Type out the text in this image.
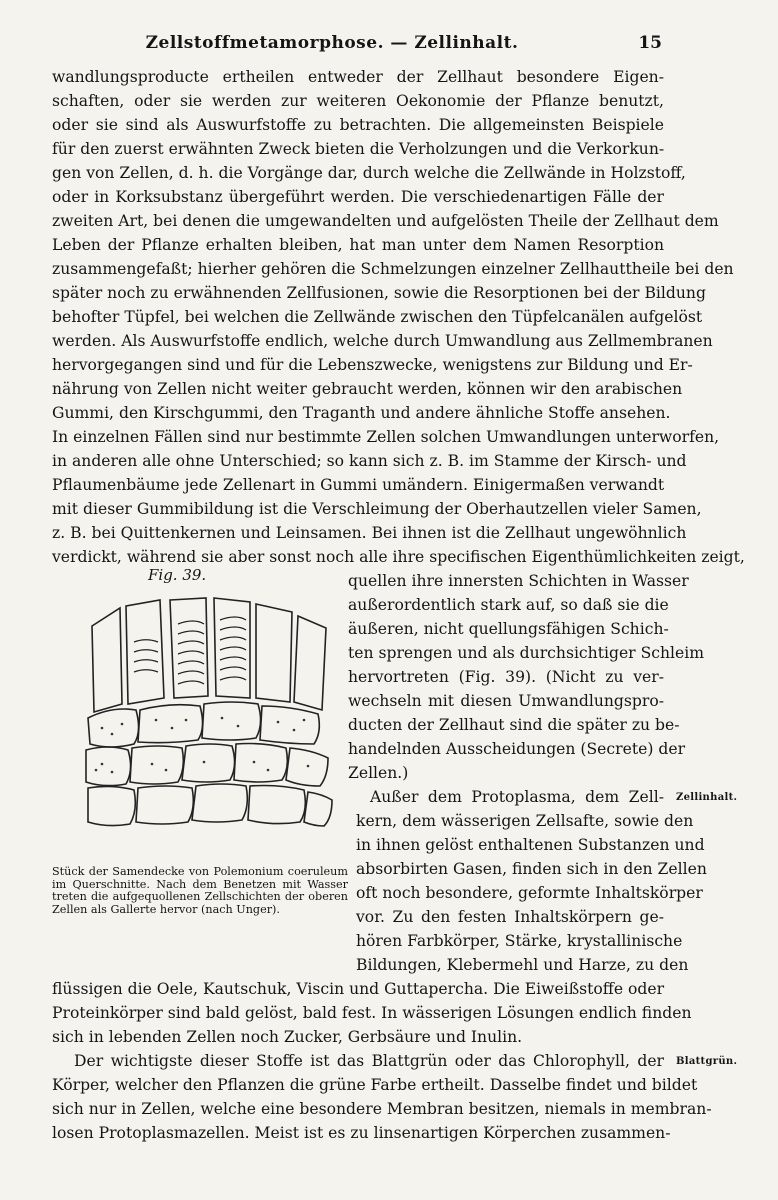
Zellstoffmetamorphose. — Zellinhalt.	15
wandlungsproducte ertheilen entweder der Zellhaut besondere Eigen-
schaften, oder sie werden zur weiteren Oekonomie der Pflanze benutzt,
oder sie sind als Auswurfstoffe zu betrachten. Die allgemeinsten Beispiele
für den zuerst erwähnten Zweck bieten die Verholzungen und die Verkorkun-
gen von Zellen, d. h. die Vorgänge dar, durch welche die Zellwände in Holzstoff,
oder in Korksubstanz übergeführt werden. Die verschiedenartigen Fälle der
zweiten Art, bei denen die umgewandelten und aufgelösten Theile der Zellhaut dem
Leben der Pflanze erhalten bleiben, hat man unter dem Namen Resorption
zusammengefaßt; hierher gehören die Schmelzungen einzelner Zellhauttheile bei den
später noch zu erwähnenden Zellfusionen, sowie die Resorptionen bei der Bildung
behofter Tüpfel, bei welchen die Zellwände zwischen den Tüpfelcanälen aufgelöst
werden. Als Auswurfstoffe endlich, welche durch Umwandlung aus Zellmembranen
hervorgegangen sind und für die Lebenszwecke, wenigstens zur Bildung und Er-
nährung von Zellen nicht weiter gebraucht werden, können wir den arabischen
Gummi, den Kirschgummi, den Traganth und andere ähnliche Stoffe ansehen.
In einzelnen Fällen sind nur bestimmte Zellen solchen Umwandlungen unterworfen,
in anderen alle ohne Unterschied; so kann sich z. B. im Stamme der Kirsch- und
Pflaumenbäume jede Zellenart in Gummi umändern. Einigermaßen verwandt
mit dieser Gummibildung ist die Verschleimung der Oberhautzellen vieler Samen,
z. B. bei Quittenkernen und Leinsamen. Bei ihnen ist die Zellhaut ungewöhnlich
verdickt, während sie aber sonst noch alle ihre specifischen Eigenthümlichkeiten zeigt,
Fig. 39.
Stück der Samendecke von Polemonium coeruleum im Querschnitte. Nach dem Benetzen mit Wasser treten die aufgequollenen Zellschichten der oberen Zellen als Gallerte hervor (nach Unger).
quellen ihre innersten Schichten in Wasser
außerordentlich stark auf, so daß sie die
äußeren, nicht quellungsfähigen Schich-
ten sprengen und als durchsichtiger Schleim
hervortreten (Fig. 39). (Nicht zu ver-
wechseln mit diesen Umwandlungspro-
ducten der Zellhaut sind die später zu be-
handelnden Ausscheidungen (Secrete) der
Zellen.)
Außer dem Protoplasma, dem Zell-
kern, dem wässerigen Zellsafte, sowie den
in ihnen gelöst enthaltenen Substanzen und
absorbirten Gasen, finden sich in den Zellen
oft noch besondere, geformte Inhaltskörper
vor. Zu den festen Inhaltskörpern ge-
hören Farbkörper, Stärke, krystallinische
Bildungen, Klebermehl und Harze, zu den
flüssigen die Oele, Kautschuk, Viscin und Guttapercha. Die Eiweißstoffe oder
Proteinkörper sind bald gelöst, bald fest. In wässerigen Lösungen endlich finden
sich in lebenden Zellen noch Zucker, Gerbsäure und Inulin.
Der wichtigste dieser Stoffe ist das Blattgrün oder das Chlorophyll, der
Körper, welcher den Pflanzen die grüne Farbe ertheilt. Dasselbe findet und bildet
sich nur in Zellen, welche eine besondere Membran besitzen, niemals in membran-
losen Protoplasmazellen. Meist ist es zu linsenartigen Körperchen zusammen-
Zellinhalt.
Blattgrün.
